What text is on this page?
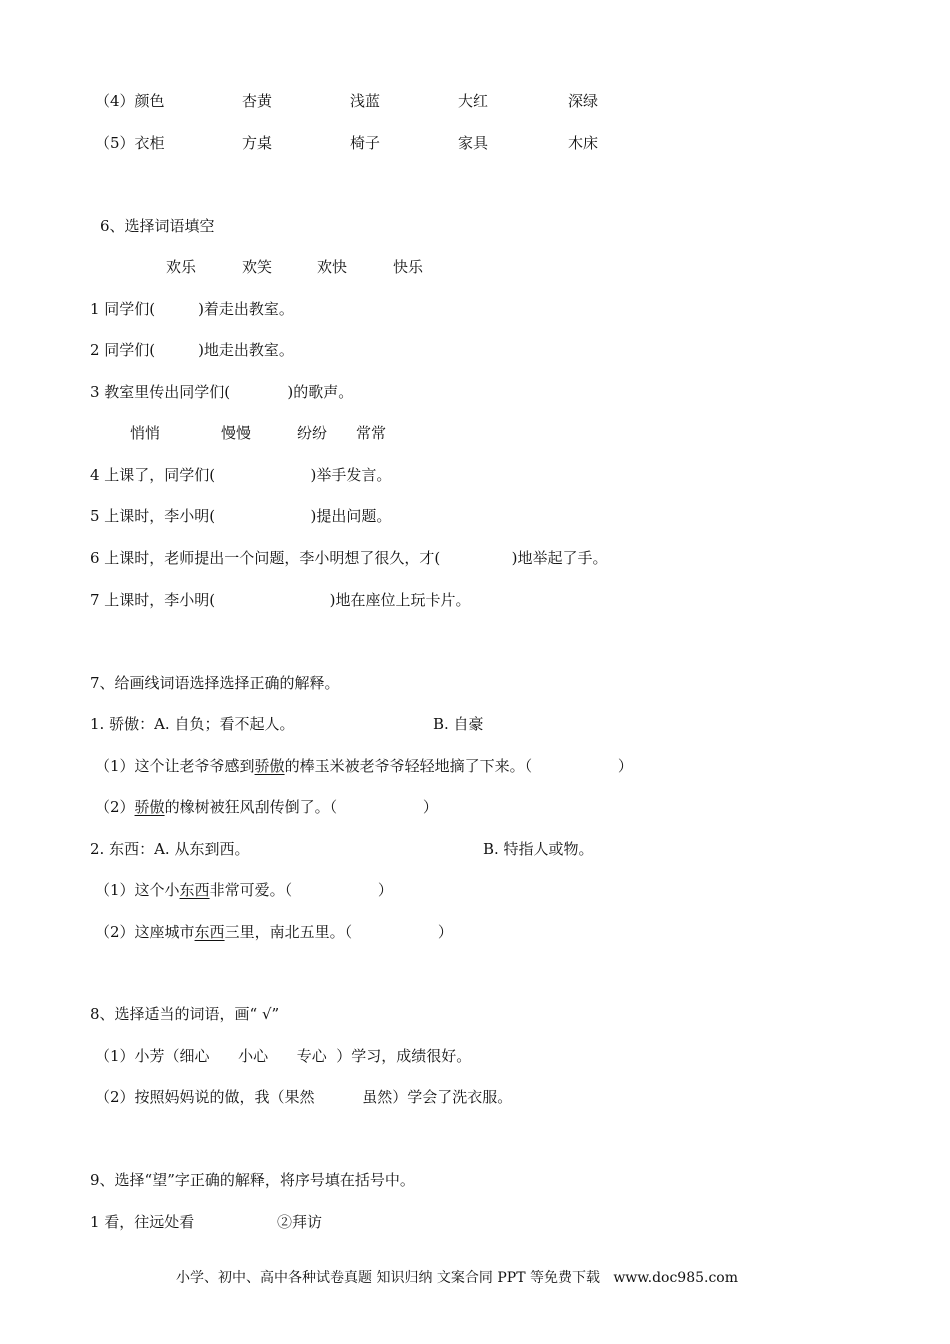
（4）颜色	杏黄	浅蓝	大红	深绿
（5）衣柜	方桌	椅子	家具	木床
6、选择词语填空
欢乐	欢笑	欢快	快乐
1 同学们(         )着走出教室。
2 同学们(         )地走出教室。
3 教室里传出同学们(            )的歌声。
悄悄	慢慢	纷纷 常常
4 上课了，同学们(                    )举手发言。
5 上课时，李小明(                    )提出问题。
6 上课时，老师提出一个问题，李小明想了很久，才(               )地举起了手。
7 上课时，李小明(                        )地在座位上玩卡片。
7、给画线词语选择选择正确的解释。
1. 骄傲：A. 自负；看不起人。	B. 自豪
（1）这个让老爷爷感到骄傲的棒玉米被老爷爷轻轻地摘了下来。（                  ）
（2）骄傲的橡树被狂风刮传倒了。（                  ）
2. 东西：A. 从东到西。	B. 特指人或物。
（1）这个小东西非常可爱。（                  ）
（2）这座城市东西三里，南北五里。（                  ）
8、选择适当的词语，画“ √”
（1）小芳（细心      小心      专心  ）学习，成绩很好。
（2）按照妈妈说的做，我（果然          虽然）学会了洗衣服。
9、选择“望”字正确的解释，将序号填在括号中。
1 看，往远处看	②拜访
小学、初中、高中各种试卷真题 知识归纳 文案合同 PPT 等免费下载   www.doc985.com
